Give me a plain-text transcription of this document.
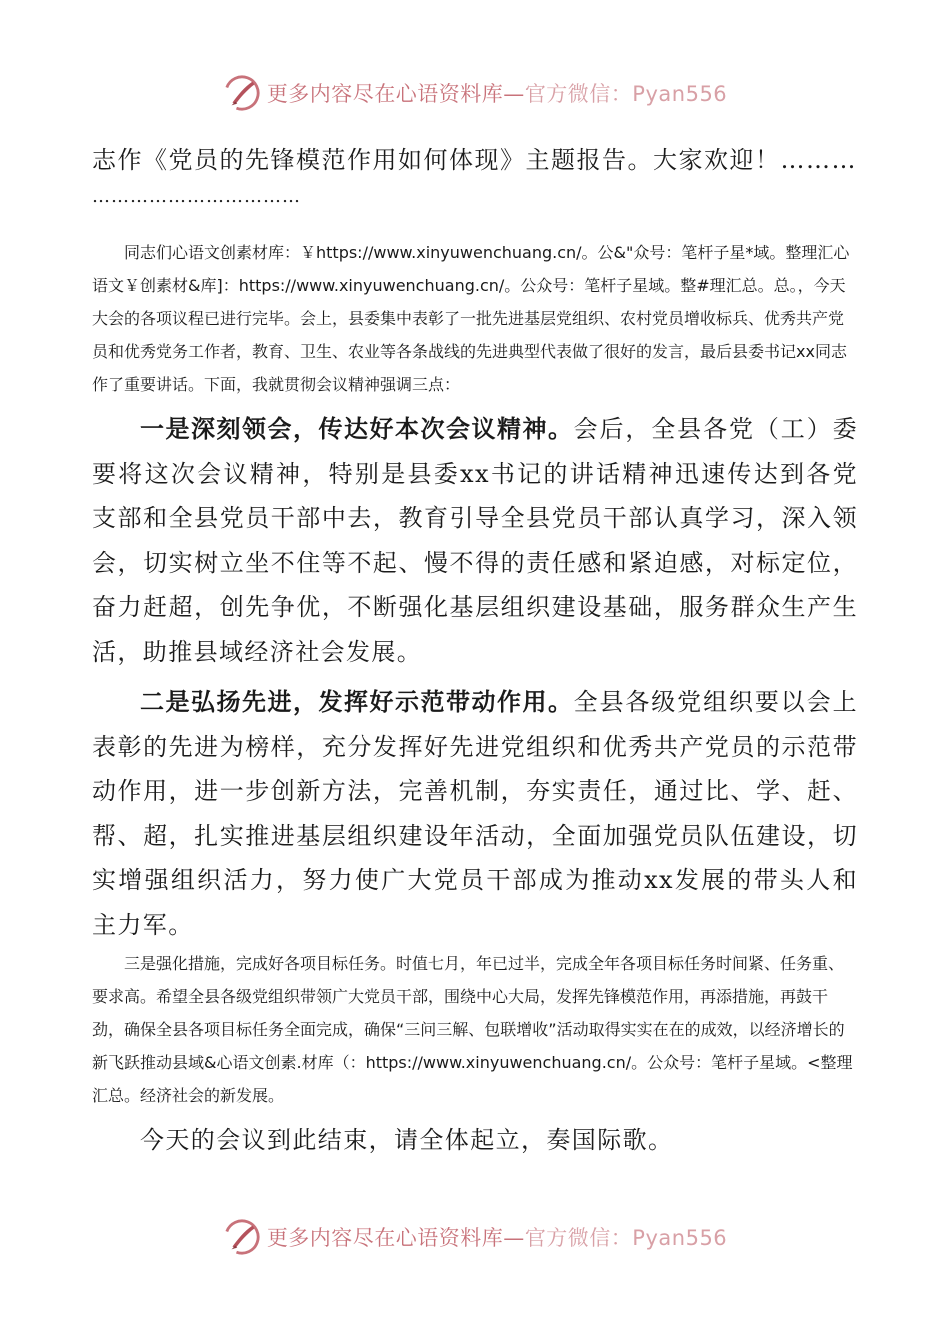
更多内容尽在心语资料库—官方微信：Pyan556

志作《党员的先锋模范作用如何体现》主题报告。大家欢迎！………

……………………………

同志们心语文创素材库：￥https://www.xinyuwenchuang.cn/。公&"众号：笔杆子星*域。整理汇心语文￥创素材&库]：https://www.xinyuwenchuang.cn/。公众号：笔杆子星域。整#理汇总。总。，今天大会的各项议程已进行完毕。会上，县委集中表彰了一批先进基层党组织、农村党员增收标兵、优秀共产党员和优秀党务工作者，教育、卫生、农业等各条战线的先进典型代表做了很好的发言，最后县委书记xx同志作了重要讲话。下面，我就贯彻会议精神强调三点：

一是深刻领会，传达好本次会议精神。会后，全县各党（工）委要将这次会议精神，特别是县委xx书记的讲话精神迅速传达到各党支部和全县党员干部中去，教育引导全县党员干部认真学习，深入领会，切实树立坐不住等不起、慢不得的责任感和紧迫感，对标定位，奋力赶超，创先争优，不断强化基层组织建设基础，服务群众生产生活，助推县域经济社会发展。

二是弘扬先进，发挥好示范带动作用。全县各级党组织要以会上表彰的先进为榜样，充分发挥好先进党组织和优秀共产党员的示范带动作用，进一步创新方法，完善机制，夯实责任，通过比、学、赶、帮、超，扎实推进基层组织建设年活动，全面加强党员队伍建设，切实增强组织活力，努力使广大党员干部成为推动xx发展的带头人和主力军。

三是强化措施，完成好各项目标任务。时值七月，年已过半，完成全年各项目标任务时间紧、任务重、要求高。希望全县各级党组织带领广大党员干部，围绕中心大局，发挥先锋模范作用，再添措施，再鼓干劲，确保全县各项目标任务全面完成，确保“三问三解、包联增收”活动取得实实在在的成效，以经济增长的新飞跃推动县域&心语文创素.材库（：https://www.xinyuwenchuang.cn/。公众号：笔杆子星域。<整理汇总。经济社会的新发展。

今天的会议到此结束，请全体起立，奏国际歌。

更多内容尽在心语资料库—官方微信：Pyan556
